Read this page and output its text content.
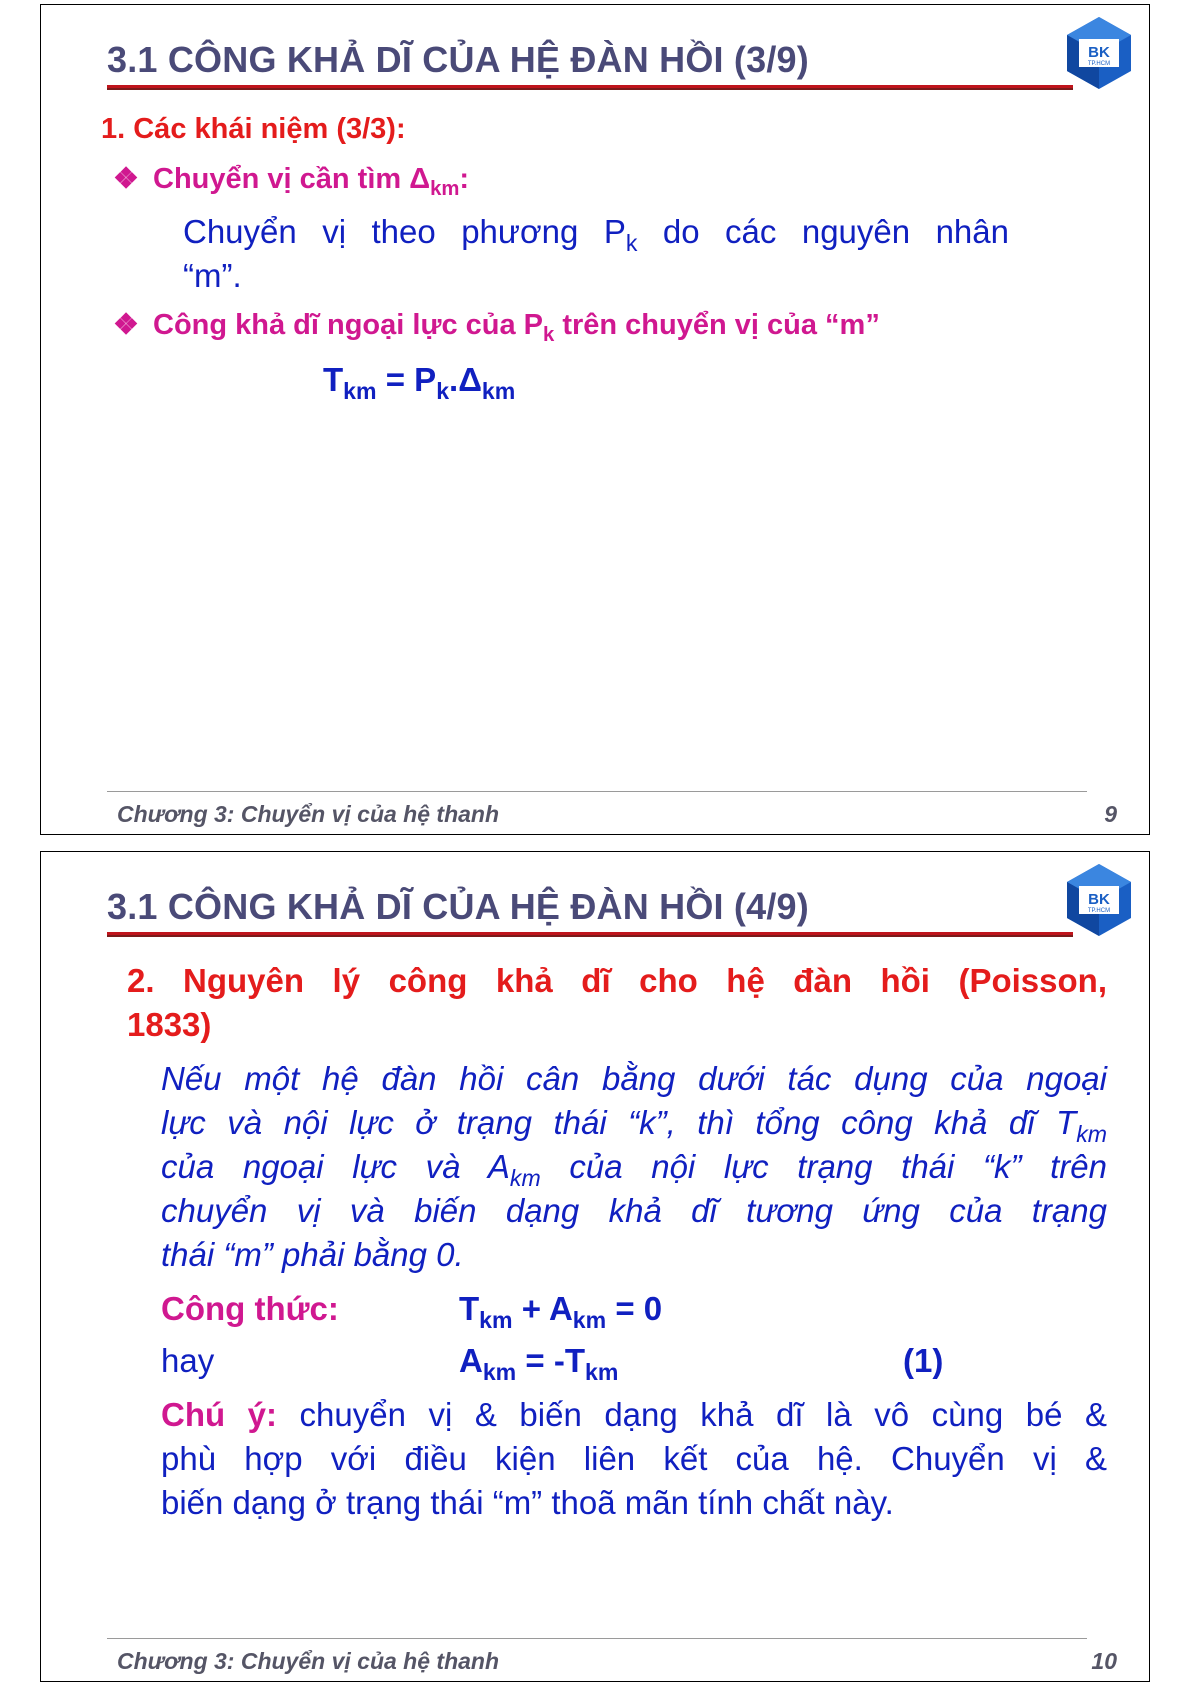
3.1 CÔNG KHẢ DĨ CỦA HỆ ĐÀN HỒI (3/9)	BK
TP.HCM
1. Các khái niệm (3/3):
❖ Chuyển vị cần tìm $\Delta_{km}$:
Chuyển vị theo phương $P_k$ do các nguyên nhân
“m”.
❖ Công khả dĩ ngoại lực của $P_k$ trên chuyển vị của “m”
$T_{km} = P_k.\Delta_{km}$
Chương 3: Chuyển vị của hệ thanh	9
3.1 CÔNG KHẢ DĨ CỦA HỆ ĐÀN HỒI (4/9)	BK
TP.HCM
2. Nguyên lý công khả dĩ cho hệ đàn hồi (Poisson,
1833)
Nếu một hệ đàn hồi cân bằng dưới tác dụng của ngoại
lực và nội lực ở trạng thái “k”, thì tổng công khả dĩ $T_{km}$
của ngoại lực và $A_{km}$ của nội lực trạng thái “k” trên
chuyển vị và biến dạng khả dĩ tương ứng của trạng
thái “m” phải bằng 0.
Công thức:	$T_{km} + A_{km} = 0$
hay	$A_{km} = -T_{km}$	(1)
Chú ý: chuyển vị & biến dạng khả dĩ là vô cùng bé &
phù hợp với điều kiện liên kết của hệ. Chuyển vị &
biến dạng ở trạng thái “m” thoã mãn tính chất này.
Chương 3: Chuyển vị của hệ thanh	10
